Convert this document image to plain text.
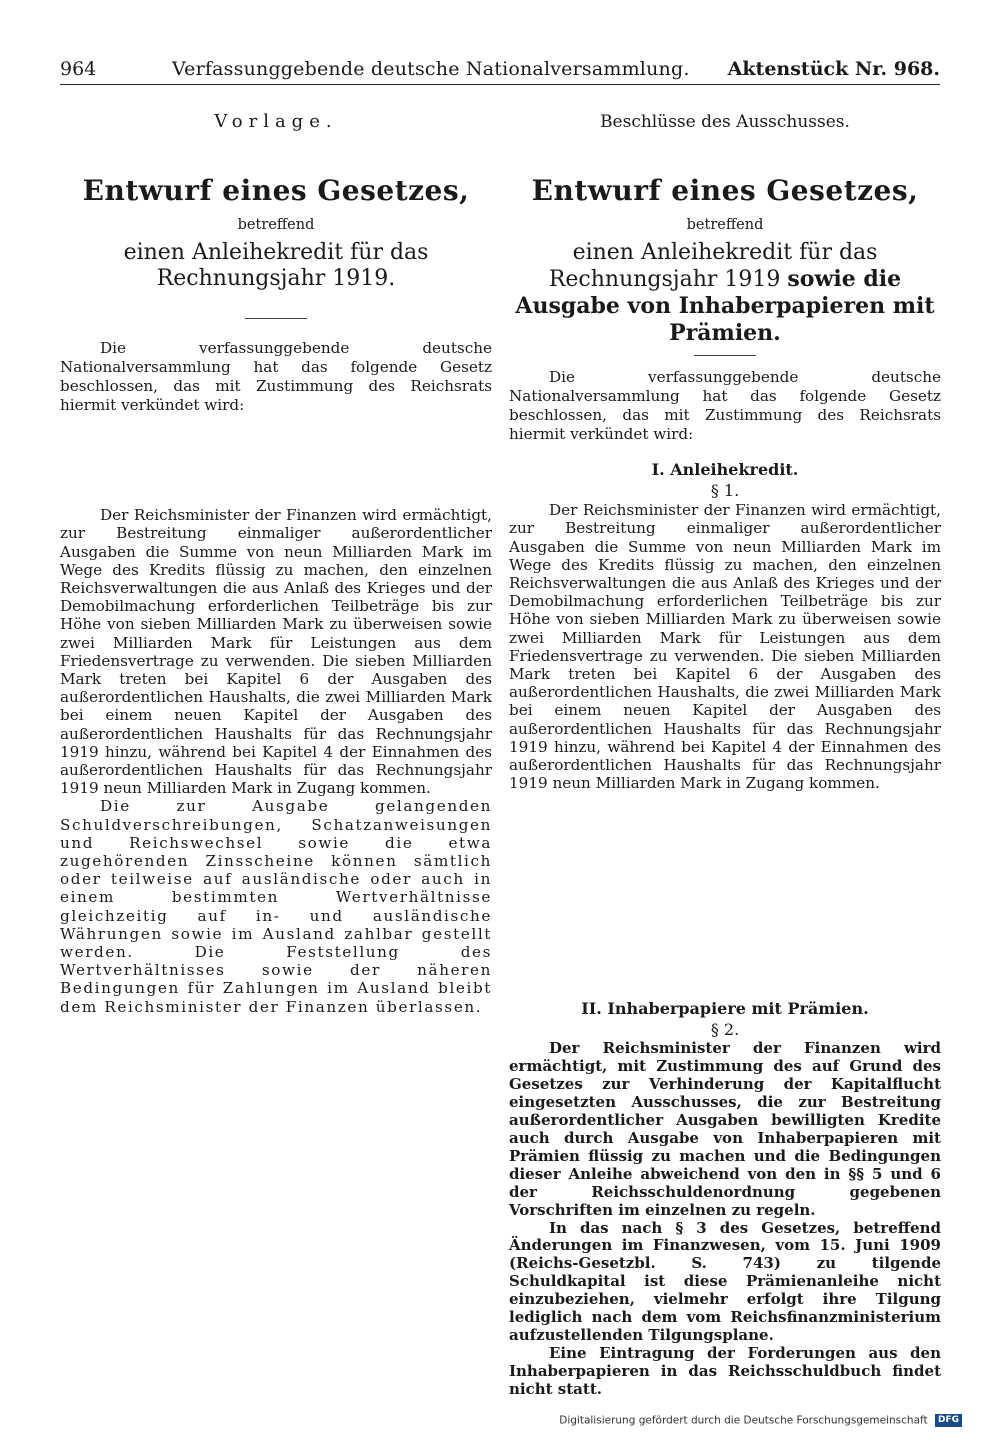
964	Verfassunggebende deutsche Nationalversammlung. Aktenstück Nr. 968.
Vorlage.
Entwurf eines Gesetzes,
betreffend
einen Anleihekredit für das Rechnungsjahr 1919.

Die verfassunggebende deutsche Nationalversammlung hat das folgende Gesetz beschlossen, das mit Zustimmung des Reichsrats hiermit verkündet wird:

Der Reichsminister der Finanzen wird ermächtigt, zur Bestreitung einmaliger außerordentlicher Ausgaben die Summe von neun Milliarden Mark im Wege des Kredits flüssig zu machen, den einzelnen Reichsverwaltungen die aus Anlaß des Krieges und der Demobilmachung erforderlichen Teilbeträge bis zur Höhe von sieben Milliarden Mark zu überweisen sowie zwei Milliarden Mark für Leistungen aus dem Friedensvertrage zu verwenden. Die sieben Milliarden Mark treten bei Kapitel 6 der Ausgaben des außerordentlichen Haushalts, die zwei Milliarden Mark bei einem neuen Kapitel der Ausgaben des außerordentlichen Haushalts für das Rechnungsjahr 1919 hinzu, während bei Kapitel 4 der Einnahmen des außerordentlichen Haushalts für das Rechnungsjahr 1919 neun Milliarden Mark in Zugang kommen.

Die zur Ausgabe gelangenden Schuldverschreibungen, Schatzanweisungen und Reichswechsel sowie die etwa zugehörenden Zinsscheine können sämtlich oder teilweise auf ausländische oder auch in einem bestimmten Wertverhältnisse gleichzeitig auf in- und ausländische Währungen sowie im Ausland zahlbar gestellt werden. Die Feststellung des Wertverhältnisses sowie der näheren Bedingungen für Zahlungen im Ausland bleibt dem Reichsminister der Finanzen überlassen.

Beschlüsse des Ausschusses.
Entwurf eines Gesetzes,
betreffend
einen Anleihekredit für das Rechnungsjahr 1919 sowie die Ausgabe von Inhaberpapieren mit Prämien.

Die verfassunggebende deutsche Nationalversammlung hat das folgende Gesetz beschlossen, das mit Zustimmung des Reichsrats hiermit verkündet wird:

I. Anleihekredit.
§ 1.

Der Reichsminister der Finanzen wird ermächtigt, zur Bestreitung einmaliger außerordentlicher Ausgaben die Summe von neun Milliarden Mark im Wege des Kredits flüssig zu machen, den einzelnen Reichsverwaltungen die aus Anlaß des Krieges und der Demobilmachung erforderlichen Teilbeträge bis zur Höhe von sieben Milliarden Mark zu überweisen sowie zwei Milliarden Mark für Leistungen aus dem Friedensvertrage zu verwenden. Die sieben Milliarden Mark treten bei Kapitel 6 der Ausgaben des außerordentlichen Haushalts, die zwei Milliarden Mark bei einem neuen Kapitel der Ausgaben des außerordentlichen Haushalts für das Rechnungsjahr 1919 hinzu, während bei Kapitel 4 der Einnahmen des außerordentlichen Haushalts für das Rechnungsjahr 1919 neun Milliarden Mark in Zugang kommen.

II. Inhaberpapiere mit Prämien.
§ 2.

Der Reichsminister der Finanzen wird ermächtigt, mit Zustimmung des auf Grund des Gesetzes zur Verhinderung der Kapitalflucht eingesetzten Ausschusses, die zur Bestreitung außerordentlicher Ausgaben bewilligten Kredite auch durch Ausgabe von Inhaberpapieren mit Prämien flüssig zu machen und die Bedingungen dieser Anleihe abweichend von den in §§ 5 und 6 der Reichsschuldenordnung gegebenen Vorschriften im einzelnen zu regeln.

In das nach § 3 des Gesetzes, betreffend Änderungen im Finanzwesen, vom 15. Juni 1909 (Reichs-Gesetzbl. S. 743) zu tilgende Schuldkapital ist diese Prämienanleihe nicht einzubeziehen, vielmehr erfolgt ihre Tilgung lediglich nach dem vom Reichsfinanzministerium aufzustellenden Tilgungsplane.

Eine Eintragung der Forderungen aus den Inhaberpapieren in das Reichsschuldbuch findet nicht statt.

Digitalisierung gefördert durch die Deutsche Forschungsgemeinschaft DFG
